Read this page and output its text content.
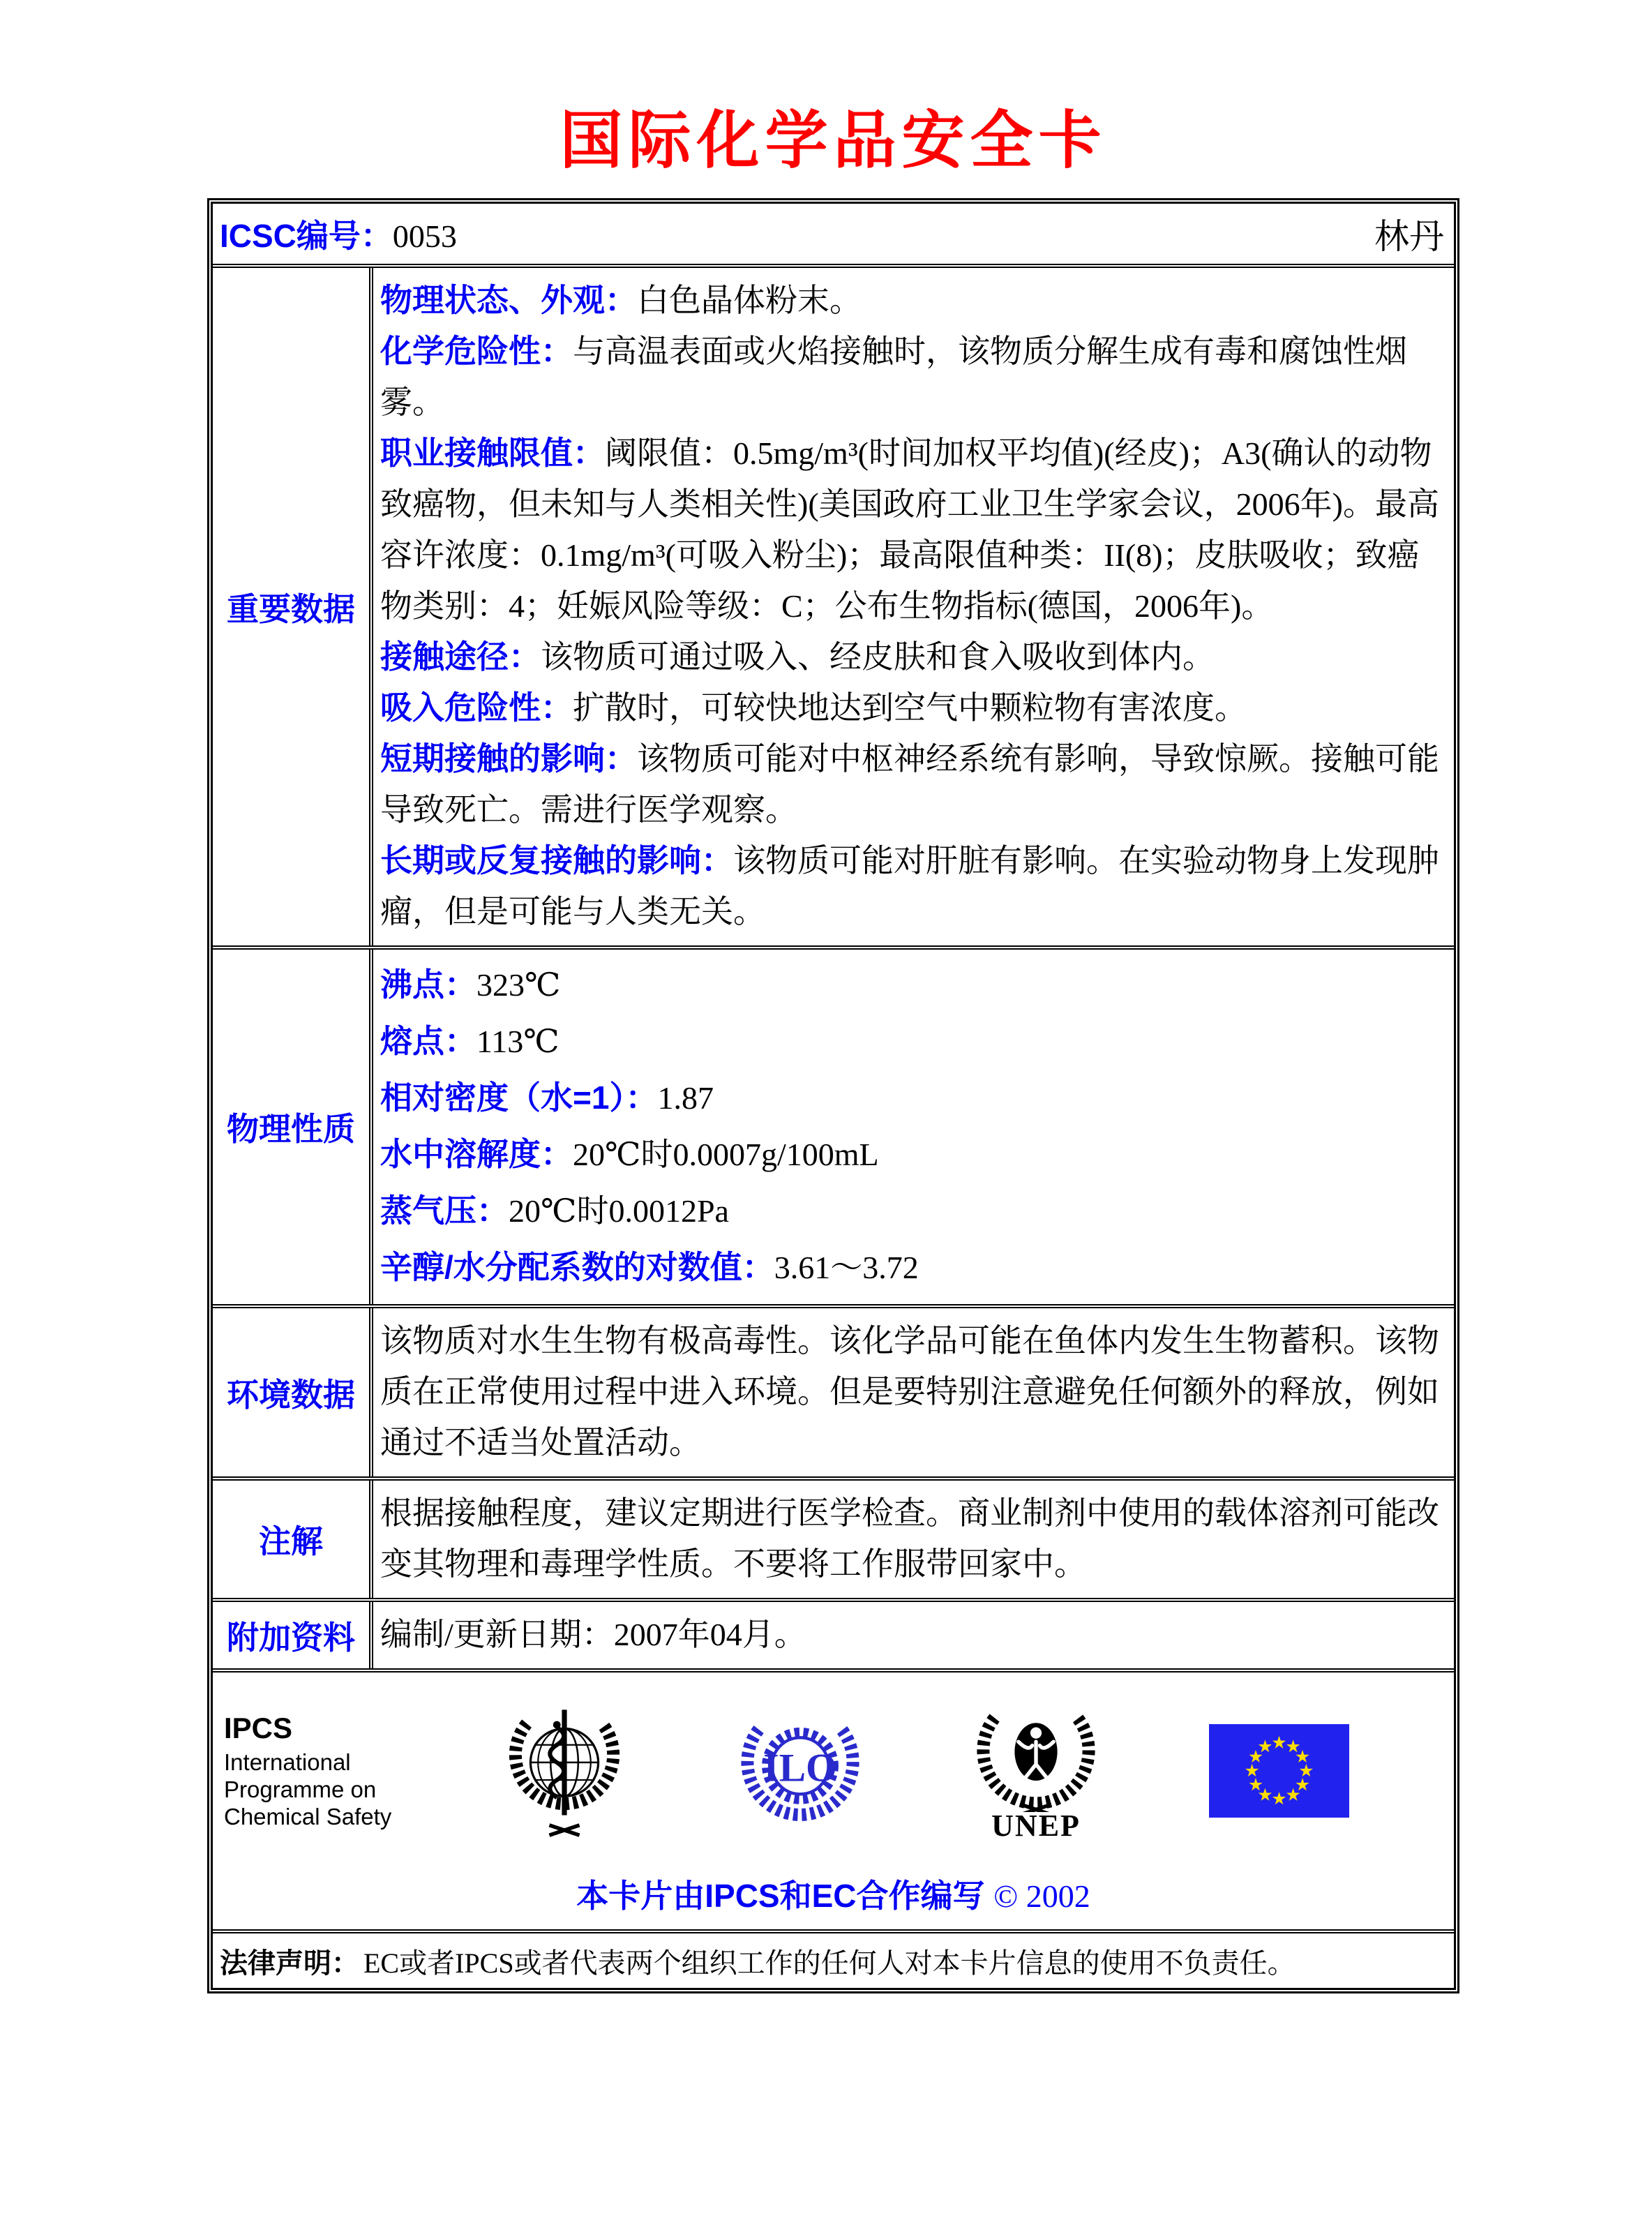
国际化学品安全卡
ICSC编号：0053	林丹
重要数据

物理状态、外观：白色晶体粉末。

化学危险性：与高温表面或火焰接触时，该物质分解生成有毒和腐蚀性烟雾。

职业接触限值：阈限值：0.5mg/m³(时间加权平均值)(经皮)；A3(确认的动物致癌物，但未知与人类相关性)(美国政府工业卫生学家会议，2006年)。最高容许浓度：0.1mg/m³(可吸入粉尘)；最高限值种类：II(8)；皮肤吸收；致癌物类别：4；妊娠风险等级：C；公布生物指标(德国，2006年)。

接触途径：该物质可通过吸入、经皮肤和食入吸收到体内。

吸入危险性：扩散时，可较快地达到空气中颗粒物有害浓度。

短期接触的影响：该物质可能对中枢神经系统有影响，导致惊厥。接触可能导致死亡。需进行医学观察。

长期或反复接触的影响：该物质可能对肝脏有影响。在实验动物身上发现肿瘤，但是可能与人类无关。

物理性质

沸点：323℃

熔点：113℃

相对密度（水=1）：1.87

水中溶解度：20℃时0.0007g/100mL

蒸气压：20℃时0.0012Pa

辛醇/水分配系数的对数值：3.61～3.72

环境数据
该物质对水生生物有极高毒性。该化学品可能在鱼体内发生生物蓄积。该物质在正常使用过程中进入环境。但是要特别注意避免任何额外的释放，例如通过不适当处置活动。
注解
根据接触程度，建议定期进行医学检查。商业制剂中使用的载体溶剂可能改变其物理和毒理学性质。不要将工作服带回家中。
附加资料 编制/更新日期：2007年04月。
IPCS
International
Programme on
Chemical Safety
ILO
UNEP
本卡片由IPCS和EC合作编写 © 2002
法律声明： EC或者IPCS或者代表两个组织工作的任何人对本卡片信息的使用不负责任。
